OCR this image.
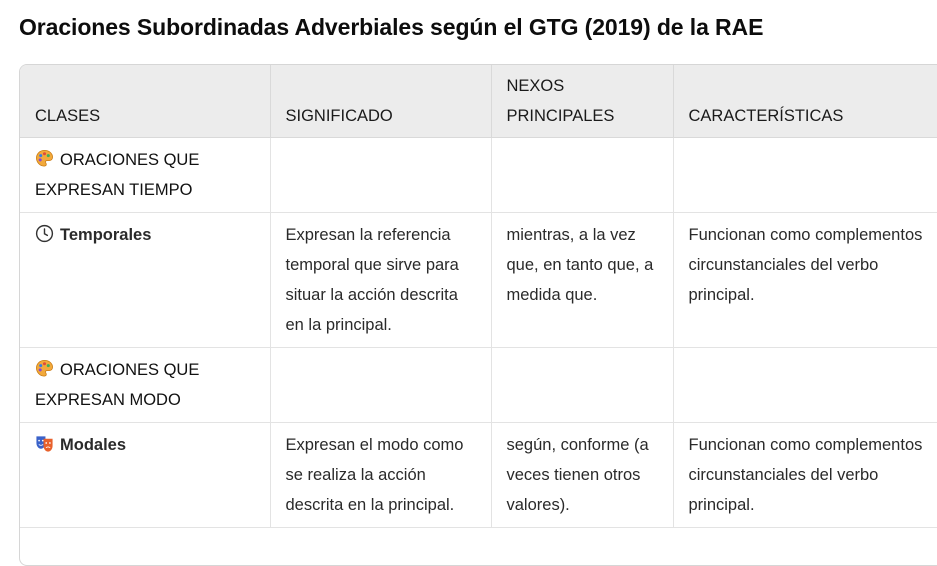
Oraciones Subordinadas Adverbiales según el GTG (2019) de la RAE
CLASES	SIGNIFICADO	NEXOS PRINCIPALES	CARACTERÍSTICAS
ORACIONES QUE EXPRESAN TIEMPO			
Temporales	Expresan la referencia temporal que sirve para situar la acción descrita en la principal.	mientras, a la vez que, en tanto que, a medida que.	Funcionan como complementos circunstanciales del verbo principal.
ORACIONES QUE EXPRESAN MODO			
Modales	Expresan el modo como se realiza la acción descrita en la principal.	según, conforme (a veces tienen otros valores).	Funcionan como complementos circunstanciales del verbo principal.
